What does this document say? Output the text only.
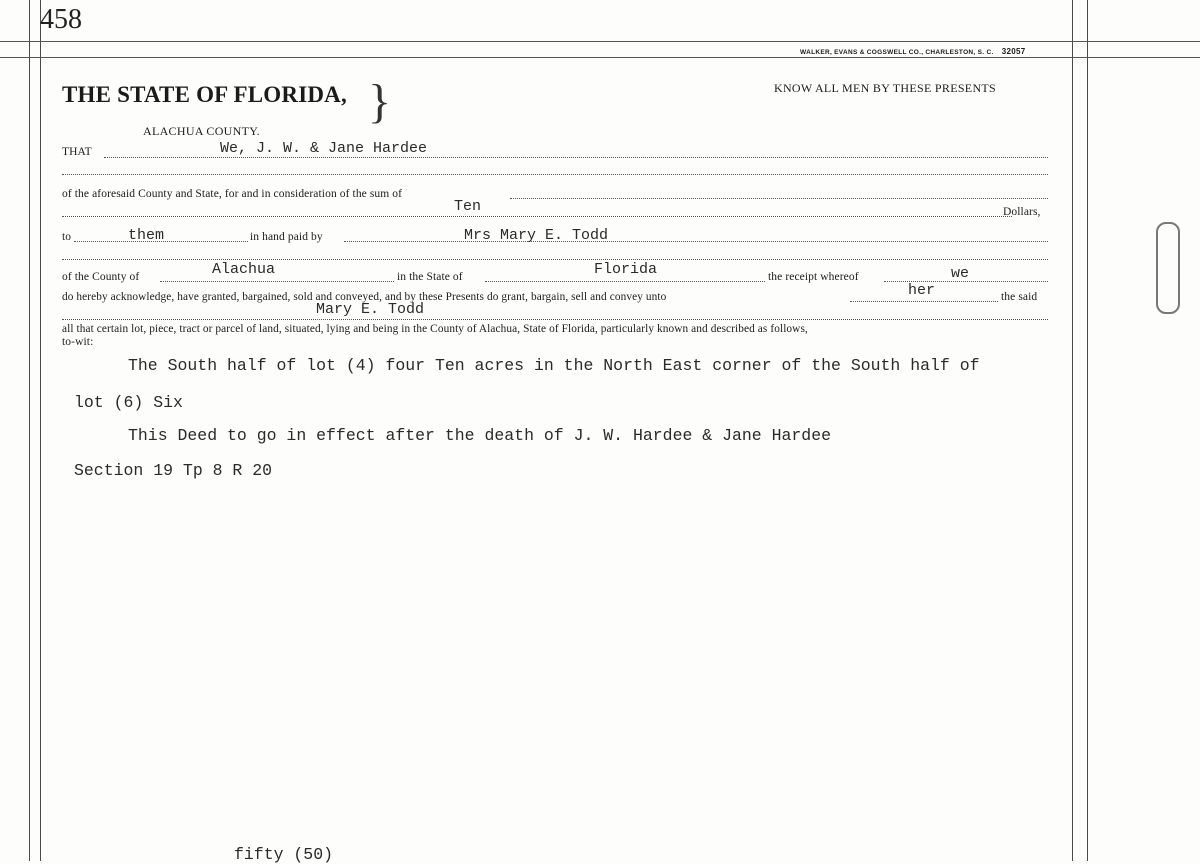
458
WALKER, EVANS & COGSWELL CO., CHARLESTON, S. C. 32057
THE STATE OF FLORIDA, }
ALACHUA COUNTY.
KNOW ALL MEN BY THESE PRESENTS
THAT	We, J. W. & Jane Hardee
of the aforesaid County and State, for and in consideration of the sum of
Ten	Dollars,
to	them	in hand paid by	Mrs Mary E. Todd
of the County of	Alachua	in the State of	Florida	the receipt whereof	we
do hereby acknowledge, have granted, bargained, sold and conveyed, and by these Presents do grant, bargain, sell and convey unto	her	the said
Mary E. Todd
all that certain lot, piece, tract or parcel of land, situated, lying and being in the County of Alachua, State of Florida, particularly known and described as follows,
to-wit:
The South half of lot (4) four Ten acres in the North East corner of the South half of
lot (6) Six
This Deed to go in effect after the death of J. W. Hardee & Jane Hardee
Section 19 Tp 8 R 20
fifty (50)
